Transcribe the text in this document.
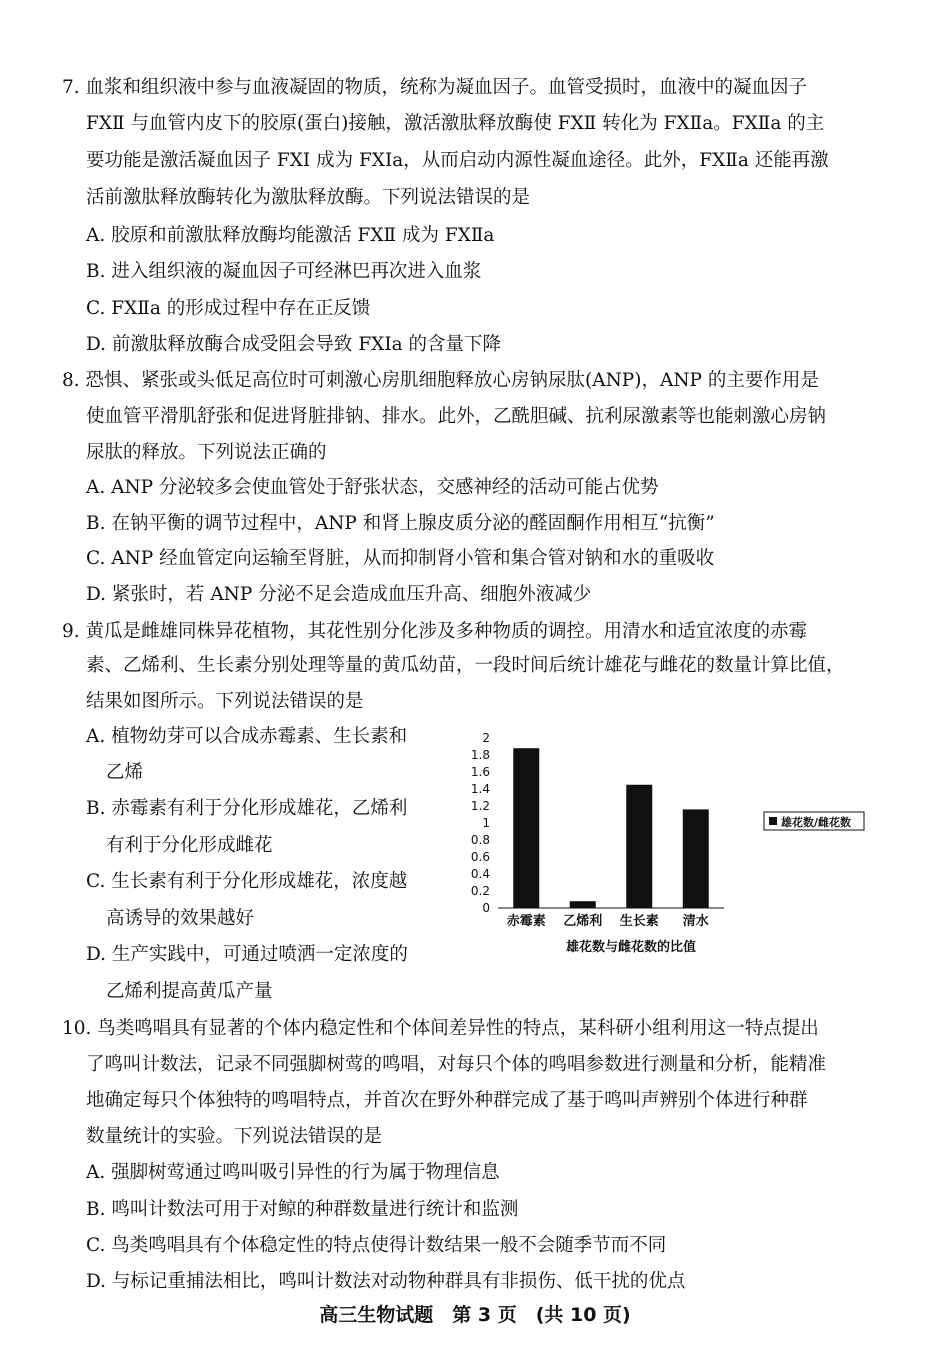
7. 血浆和组织液中参与血液凝固的物质，统称为凝血因子。血管受损时，血液中的凝血因子
FXⅡ 与血管内皮下的胶原(蛋白)接触，激活激肽释放酶使 FXⅡ 转化为 FXⅡa。FXⅡa 的主
要功能是激活凝血因子 FXⅠ 成为 FXⅠa，从而启动内源性凝血途径。此外，FXⅡa 还能再激
活前激肽释放酶转化为激肽释放酶。下列说法错误的是
A. 胶原和前激肽释放酶均能激活 FXⅡ 成为 FXⅡa
B. 进入组织液的凝血因子可经淋巴再次进入血浆
C. FXⅡa 的形成过程中存在正反馈
D. 前激肽释放酶合成受阻会导致 FXⅠa 的含量下降
8. 恐惧、紧张或头低足高位时可刺激心房肌细胞释放心房钠尿肽(ANP)，ANP 的主要作用是
使血管平滑肌舒张和促进肾脏排钠、排水。此外，乙酰胆碱、抗利尿激素等也能刺激心房钠
尿肽的释放。下列说法正确的
A. ANP 分泌较多会使血管处于舒张状态，交感神经的活动可能占优势
B. 在钠平衡的调节过程中，ANP 和肾上腺皮质分泌的醛固酮作用相互“抗衡”
C. ANP 经血管定向运输至肾脏，从而抑制肾小管和集合管对钠和水的重吸收
D. 紧张时，若 ANP 分泌不足会造成血压升高、细胞外液减少
9. 黄瓜是雌雄同株异花植物，其花性别分化涉及多种物质的调控。用清水和适宜浓度的赤霉
素、乙烯利、生长素分别处理等量的黄瓜幼苗，一段时间后统计雄花与雌花的数量计算比值，
结果如图所示。下列说法错误的是
A. 植物幼芽可以合成赤霉素、生长素和
乙烯
B. 赤霉素有利于分化形成雄花，乙烯利
有利于分化形成雌花
C. 生长素有利于分化形成雄花，浓度越
高诱导的效果越好
D. 生产实践中，可通过喷洒一定浓度的
乙烯利提高黄瓜产量
0
0.2
0.4
0.6
0.8
1
1.2
1.4
1.6
1.8
2
赤霉素 乙烯利 生长素 清水
雄花数与雌花数的比值
雄花数/雌花数
10. 鸟类鸣唱具有显著的个体内稳定性和个体间差异性的特点，某科研小组利用这一特点提出
了鸣叫计数法，记录不同强脚树莺的鸣唱，对每只个体的鸣唱参数进行测量和分析，能精准
地确定每只个体独特的鸣唱特点，并首次在野外种群完成了基于鸣叫声辨别个体进行种群
数量统计的实验。下列说法错误的是
A. 强脚树莺通过鸣叫吸引异性的行为属于物理信息
B. 鸣叫计数法可用于对鲸的种群数量进行统计和监测
C. 鸟类鸣唱具有个体稳定性的特点使得计数结果一般不会随季节而不同
D. 与标记重捕法相比，鸣叫计数法对动物种群具有非损伤、低干扰的优点
高三生物试题　第 3 页　(共 10 页)
